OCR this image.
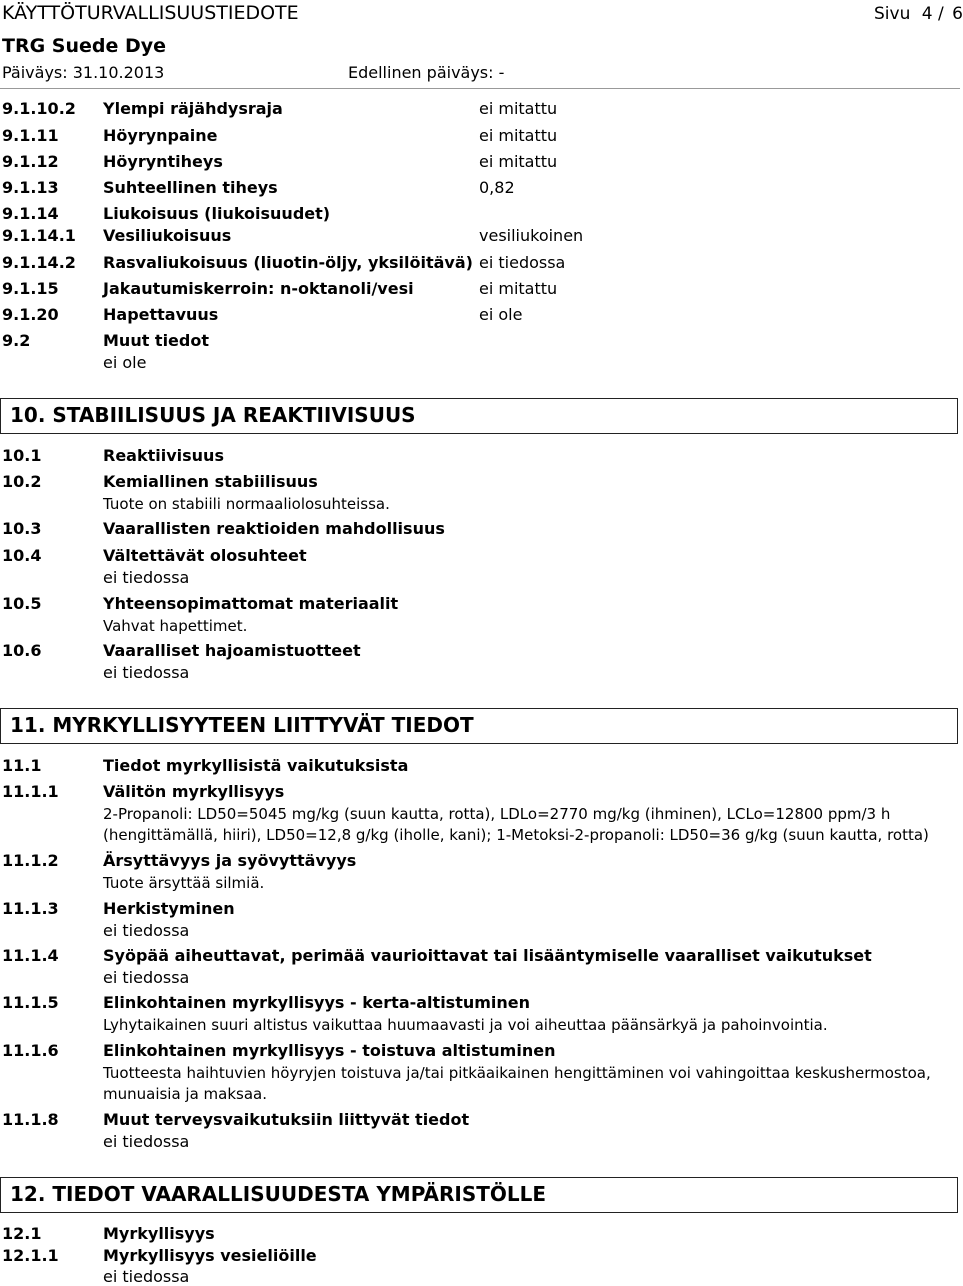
KÄYTTÖTURVALLISUUSTIEDOTE	Sivu 4 / 6
TRG Suede Dye
Päiväys: 31.10.2013	Edellinen päiväys: -
9.1.10.2 Ylempi räjähdysraja	ei mitattu
9.1.11	Höyrynpaine	ei mitattu
9.1.12	Höyryntiheys	ei mitattu
9.1.13	Suhteellinen tiheys	0,82
9.1.14	Liukoisuus (liukoisuudet)
9.1.14.1 Vesiliukoisuus	vesiliukoinen
9.1.14.2 Rasvaliukoisuus (liuotin-öljy, yksilöitävä) ei tiedossa
9.1.15	Jakautumiskerroin: n-oktanoli/vesi	ei mitattu
9.1.20	Hapettavuus	ei ole
9.2	Muut tiedot
ei ole
10. STABIILISUUS JA REAKTIIVISUUS
10.1	Reaktiivisuus
10.2	Kemiallinen stabiilisuus
Tuote on stabiili normaaliolosuhteissa.
10.3	Vaarallisten reaktioiden mahdollisuus
10.4	Vältettävät olosuhteet
ei tiedossa
10.5	Yhteensopimattomat materiaalit
Vahvat hapettimet.
10.6	Vaaralliset hajoamistuotteet
ei tiedossa
11. MYRKYLLISYYTEEN LIITTYVÄT TIEDOT
11.1	Tiedot myrkyllisistä vaikutuksista
11.1.1	Välitön myrkyllisyys
2-Propanoli: LD50=5045 mg/kg (suun kautta, rotta), LDLo=2770 mg/kg (ihminen), LCLo=12800 ppm/3 h
(hengittämällä, hiiri), LD50=12,8 g/kg (iholle, kani); 1-Metoksi-2-propanoli: LD50=36 g/kg (suun kautta, rotta)
11.1.2	Ärsyttävyys ja syövyttävyys
Tuote ärsyttää silmiä.
11.1.3	Herkistyminen
ei tiedossa
11.1.4	Syöpää aiheuttavat, perimää vaurioittavat tai lisääntymiselle vaaralliset vaikutukset
ei tiedossa
11.1.5	Elinkohtainen myrkyllisyys - kerta-altistuminen
Lyhytaikainen suuri altistus vaikuttaa huumaavasti ja voi aiheuttaa päänsärkyä ja pahoinvointia.
11.1.6	Elinkohtainen myrkyllisyys - toistuva altistuminen
Tuotteesta haihtuvien höyryjen toistuva ja/tai pitkäaikainen hengittäminen voi vahingoittaa keskushermostoa,
munuaisia ja maksaa.
11.1.8	Muut terveysvaikutuksiin liittyvät tiedot
ei tiedossa
12. TIEDOT VAARALLISUUDESTA YMPÄRISTÖLLE
12.1	Myrkyllisyys
12.1.1	Myrkyllisyys vesieliöille
ei tiedossa
